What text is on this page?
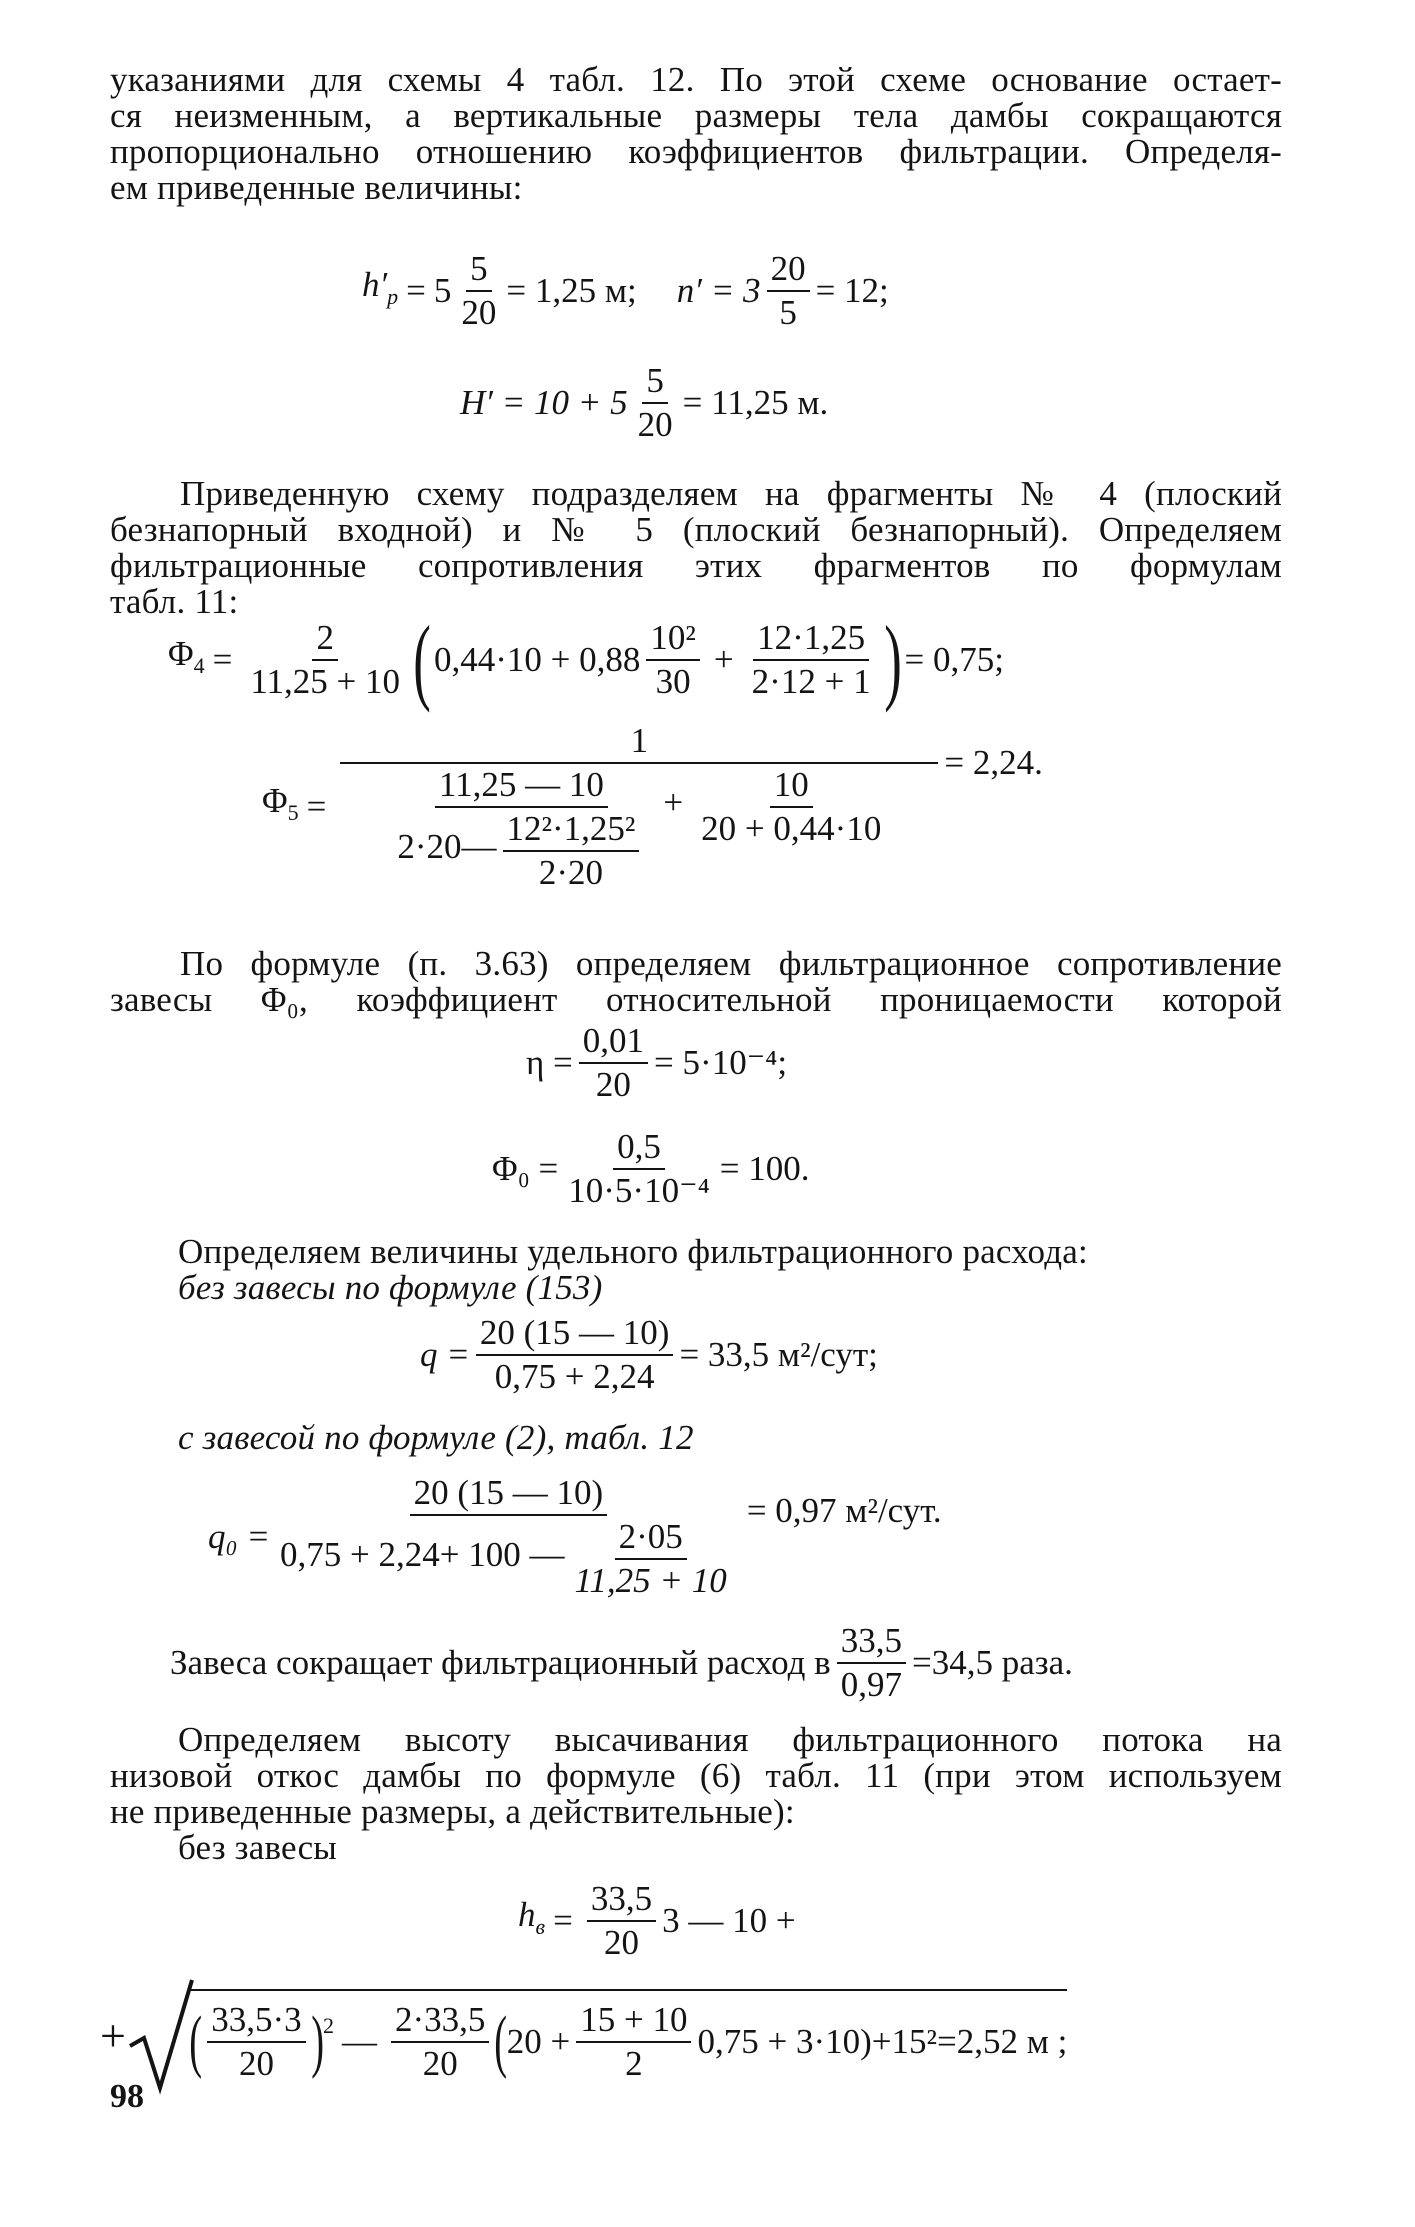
указаниями для схемы 4 табл. 12. По этой схеме основание остает-
ся неизменным, а вертикальные размеры тела дамбы сокращаются
пропорционально отношению коэффициентов фильтрации. Определя-
ем приведенные величины:
$h'_р = 5 \frac{5}{20} = 1,25$ м; $n' = 3 \frac{20}{5} = 12$;
$H' = 10 + 5 \frac{5}{20} = 11,25$ м.
Приведенную схему подразделяем на фрагменты № 4 (плоский
безнапорный входной) и № 5 (плоский безнапорный). Определяем
фильтрационные сопротивления этих фрагментов по формулам
табл. 11:
$\Phi_4 = \frac{2}{11,25 + 10}$ ( $0,44\cdot 10 + 0,88 \frac{\text{10²}}{30} + \frac{12\cdot 1,25}{2\cdot 12 + 1}$ ) = 0,75;
$\Phi_5$ =
1
$\frac{11,25 — 10}{2\cdot 20— \frac{\text{12²·1,25²}}{2\cdot 20}} + \frac{10}{20 + 0,44\cdot 10}$
= 2,24.
По формуле (п. 3.63) определяем фильтрационное сопротивление
завесы Φ₀, коэффициент относительной проницаемости которой
$\eta = \frac{0,01}{20} = 5\cdot 10^{-4}$;
$\Phi_0 = \frac{0,5}{\text{10·5·10⁻⁴}} = 100$.
Определяем величины удельного фильтрационного расхода:
без завесы по формуле (153)
$q = \frac{20 (15 — 10)}{0,75 + 2,24} = 33,5$ м²/сут;
с завесой по формуле (2), табл. 12
$q_0 = \frac{20 (15 — 10)}{0,75 + 2,24+ 100 — \frac{2\cdot 05}{11,25 + 10}} = 0,97$ м²/сут.
Завеса сокращает фильтрационный расход в $\frac{33,5}{0,97} =34,5$ раза.
Определяем высоту высачивания фильтрационного потока на
низовой откос дамбы по формуле (6) табл. 11 (при этом используем
не приведенные размеры, а действительные):
без завесы
$h_в = \frac{33,5}{20} 3$ — 10 +
+ ( $\frac{33,5\cdot 3}{20} )^2$ — $\frac{2\cdot 33,5}{20}$ ( $20 + \frac{15 + 10}{2} 0,75 + 3\cdot 10)+15^2=2,52$ м ;
98
